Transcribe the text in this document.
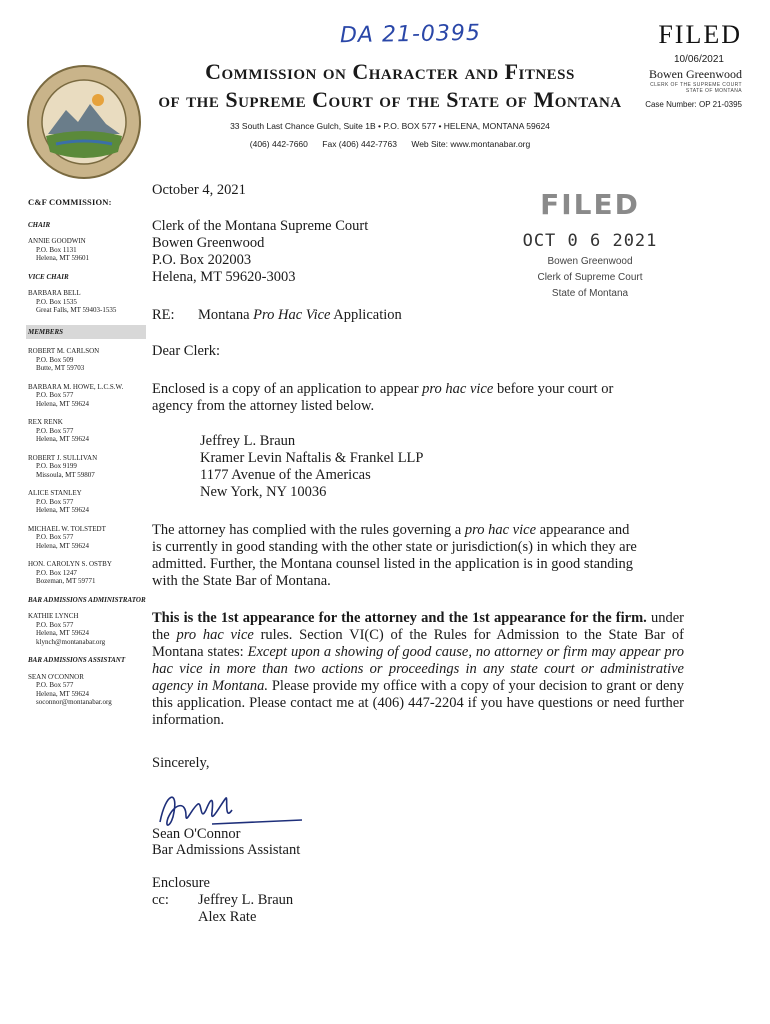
DA 21-0395	FILED
10/06/2021
Bowen Greenwood
CLERK OF THE SUPREME COURT
STATE OF MONTANA
Case Number: OP 21-0395
Commission on Character and Fitness
of the Supreme Court of the State of Montana
33 South Last Chance Gulch, Suite 1B • P.O. BOX 577 • HELENA, MONTANA 59624
(406) 442-7660 Fax (406) 442-7763 Web Site: www.montanabar.org
C&F COMMISSION:
CHAIR
ANNIE GOODWIN
P.O. Box 1131
Helena, MT 59601
VICE CHAIR
BARBARA BELL
P.O. Box 1535
Great Falls, MT 59403-1535
MEMBERS
ROBERT M. CARLSON
P.O. Box 509
Butte, MT 59703
BARBARA M. HOWE, L.C.S.W.
P.O. Box 577
Helena, MT 59624
REX RENK
P.O. Box 577
Helena, MT 59624
ROBERT J. SULLIVAN
P.O. Box 9199
Missoula, MT 59807
ALICE STANLEY
P.O. Box 577
Helena, MT 59624
MICHAEL W. TOLSTEDT
P.O. Box 577
Helena, MT 59624
HON. CAROLYN S. OSTBY
P.O. Box 1247
Bozeman, MT 59771
BAR ADMISSIONS ADMINISTRATOR
KATHIE LYNCH
P.O. Box 577
Helena, MT 59624
klynch@montanabar.org
BAR ADMISSIONS ASSISTANT
SEAN O'CONNOR
P.O. Box 577
Helena, MT 59624
soconnor@montanabar.org
FILED
OCT 0 6 2021
Bowen Greenwood
Clerk of Supreme Court
State of Montana
October 4, 2021
Clerk of the Montana Supreme Court
Bowen Greenwood
P.O. Box 202003
Helena, MT 59620-3003
RE: Montana Pro Hac Vice Application
Dear Clerk:
Enclosed is a copy of an application to appear pro hac vice before your court or agency from the attorney listed below.
Jeffrey L. Braun
Kramer Levin Naftalis & Frankel LLP
1177 Avenue of the Americas
New York, NY 10036
The attorney has complied with the rules governing a pro hac vice appearance and is currently in good standing with the other state or jurisdiction(s) in which they are admitted. Further, the Montana counsel listed in the application is in good standing with the State Bar of Montana.
This is the 1st appearance for the attorney and the 1st appearance for the firm. under the pro hac vice rules. Section VI(C) of the Rules for Admission to the State Bar of Montana states: Except upon a showing of good cause, no attorney or firm may appear pro hac vice in more than two actions or proceedings in any state court or administrative agency in Montana. Please provide my office with a copy of your decision to grant or deny this application. Please contact me at (406) 447-2204 if you have questions or need further information.
Sincerely,
Sean O'Connor
Bar Admissions Assistant
Enclosure
cc:	Jeffrey L. Braun
Alex Rate
